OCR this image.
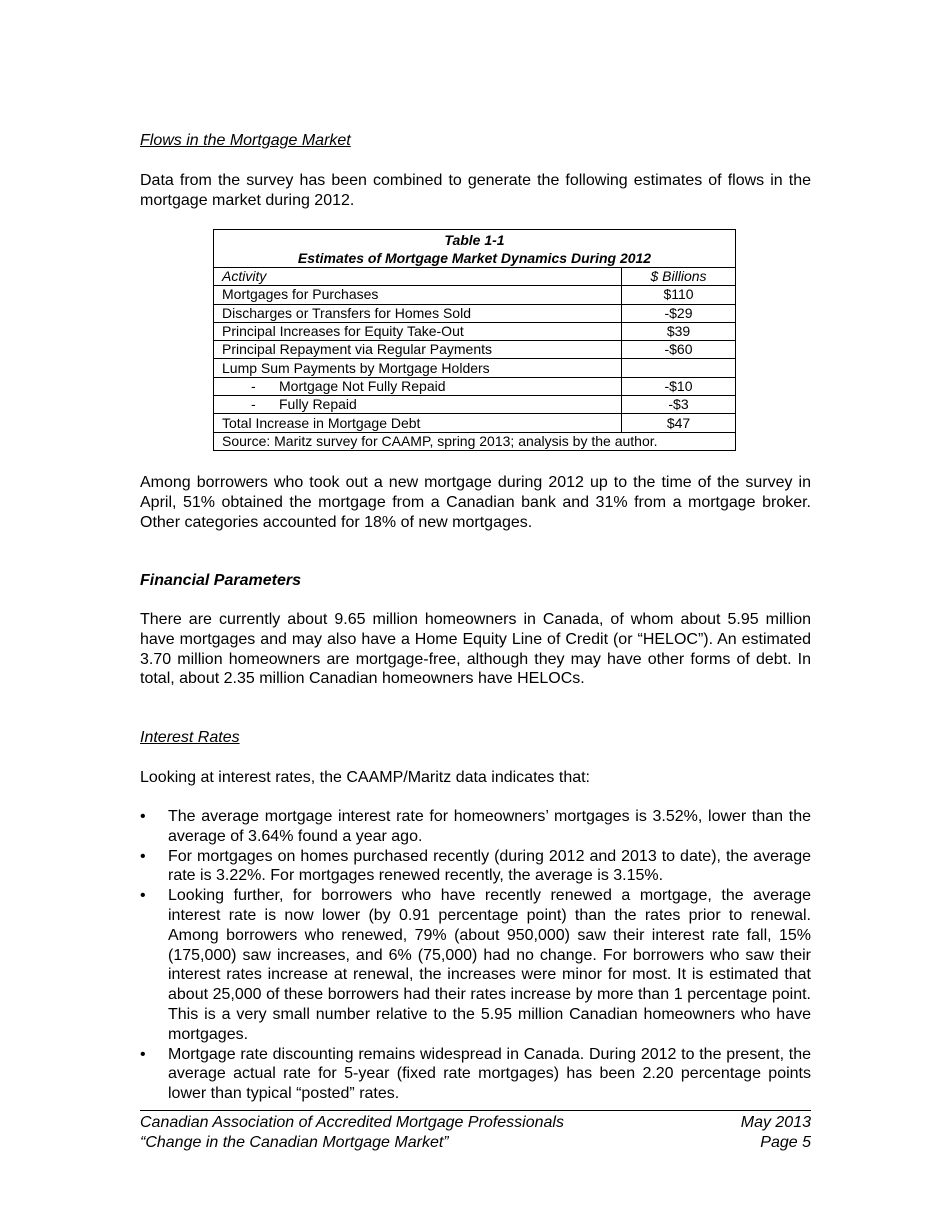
Flows in the Mortgage Market
Data from the survey has been combined to generate the following estimates of flows in the mortgage market during 2012.
Table 1-1
Estimates of Mortgage Market Dynamics During 2012	

Activity	$ Billions
Mortgages for Purchases	$110
Discharges or Transfers for Homes Sold	-$29
Principal Increases for Equity Take-Out	$39
Principal Repayment via Regular Payments	-$60
Lump Sum Payments by Mortgage Holders	
- Mortgage Not Fully Repaid	-$10
- Fully Repaid	-$3
Total Increase in Mortgage Debt	$47
Source: Maritz survey for CAAMP, spring 2013; analysis by the author.	
Among borrowers who took out a new mortgage during 2012 up to the time of the survey in April, 51% obtained the mortgage from a Canadian bank and 31% from a mortgage broker. Other categories accounted for 18% of new mortgages.
Financial Parameters
There are currently about 9.65 million homeowners in Canada, of whom about 5.95 million have mortgages and may also have a Home Equity Line of Credit (or “HELOC”). An estimated 3.70 million homeowners are mortgage-free, although they may have other forms of debt. In total, about 2.35 million Canadian homeowners have HELOCs.
Interest Rates
Looking at interest rates, the CAAMP/Maritz data indicates that:
• The average mortgage interest rate for homeowners’ mortgages is 3.52%, lower than the average of 3.64% found a year ago.
• For mortgages on homes purchased recently (during 2012 and 2013 to date), the average rate is 3.22%. For mortgages renewed recently, the average is 3.15%.
• Looking further, for borrowers who have recently renewed a mortgage, the average interest rate is now lower (by 0.91 percentage point) than the rates prior to renewal. Among borrowers who renewed, 79% (about 950,000) saw their interest rate fall, 15% (175,000) saw increases, and 6% (75,000) had no change. For borrowers who saw their interest rates increase at renewal, the increases were minor for most. It is estimated that about 25,000 of these borrowers had their rates increase by more than 1 percentage point. This is a very small number relative to the 5.95 million Canadian homeowners who have mortgages.
• Mortgage rate discounting remains widespread in Canada. During 2012 to the present, the average actual rate for 5-year (fixed rate mortgages) has been 2.20 percentage points lower than typical “posted” rates.
Canadian Association of Accredited Mortgage Professionals	May 2013
“Change in the Canadian Mortgage Market”	Page 5
